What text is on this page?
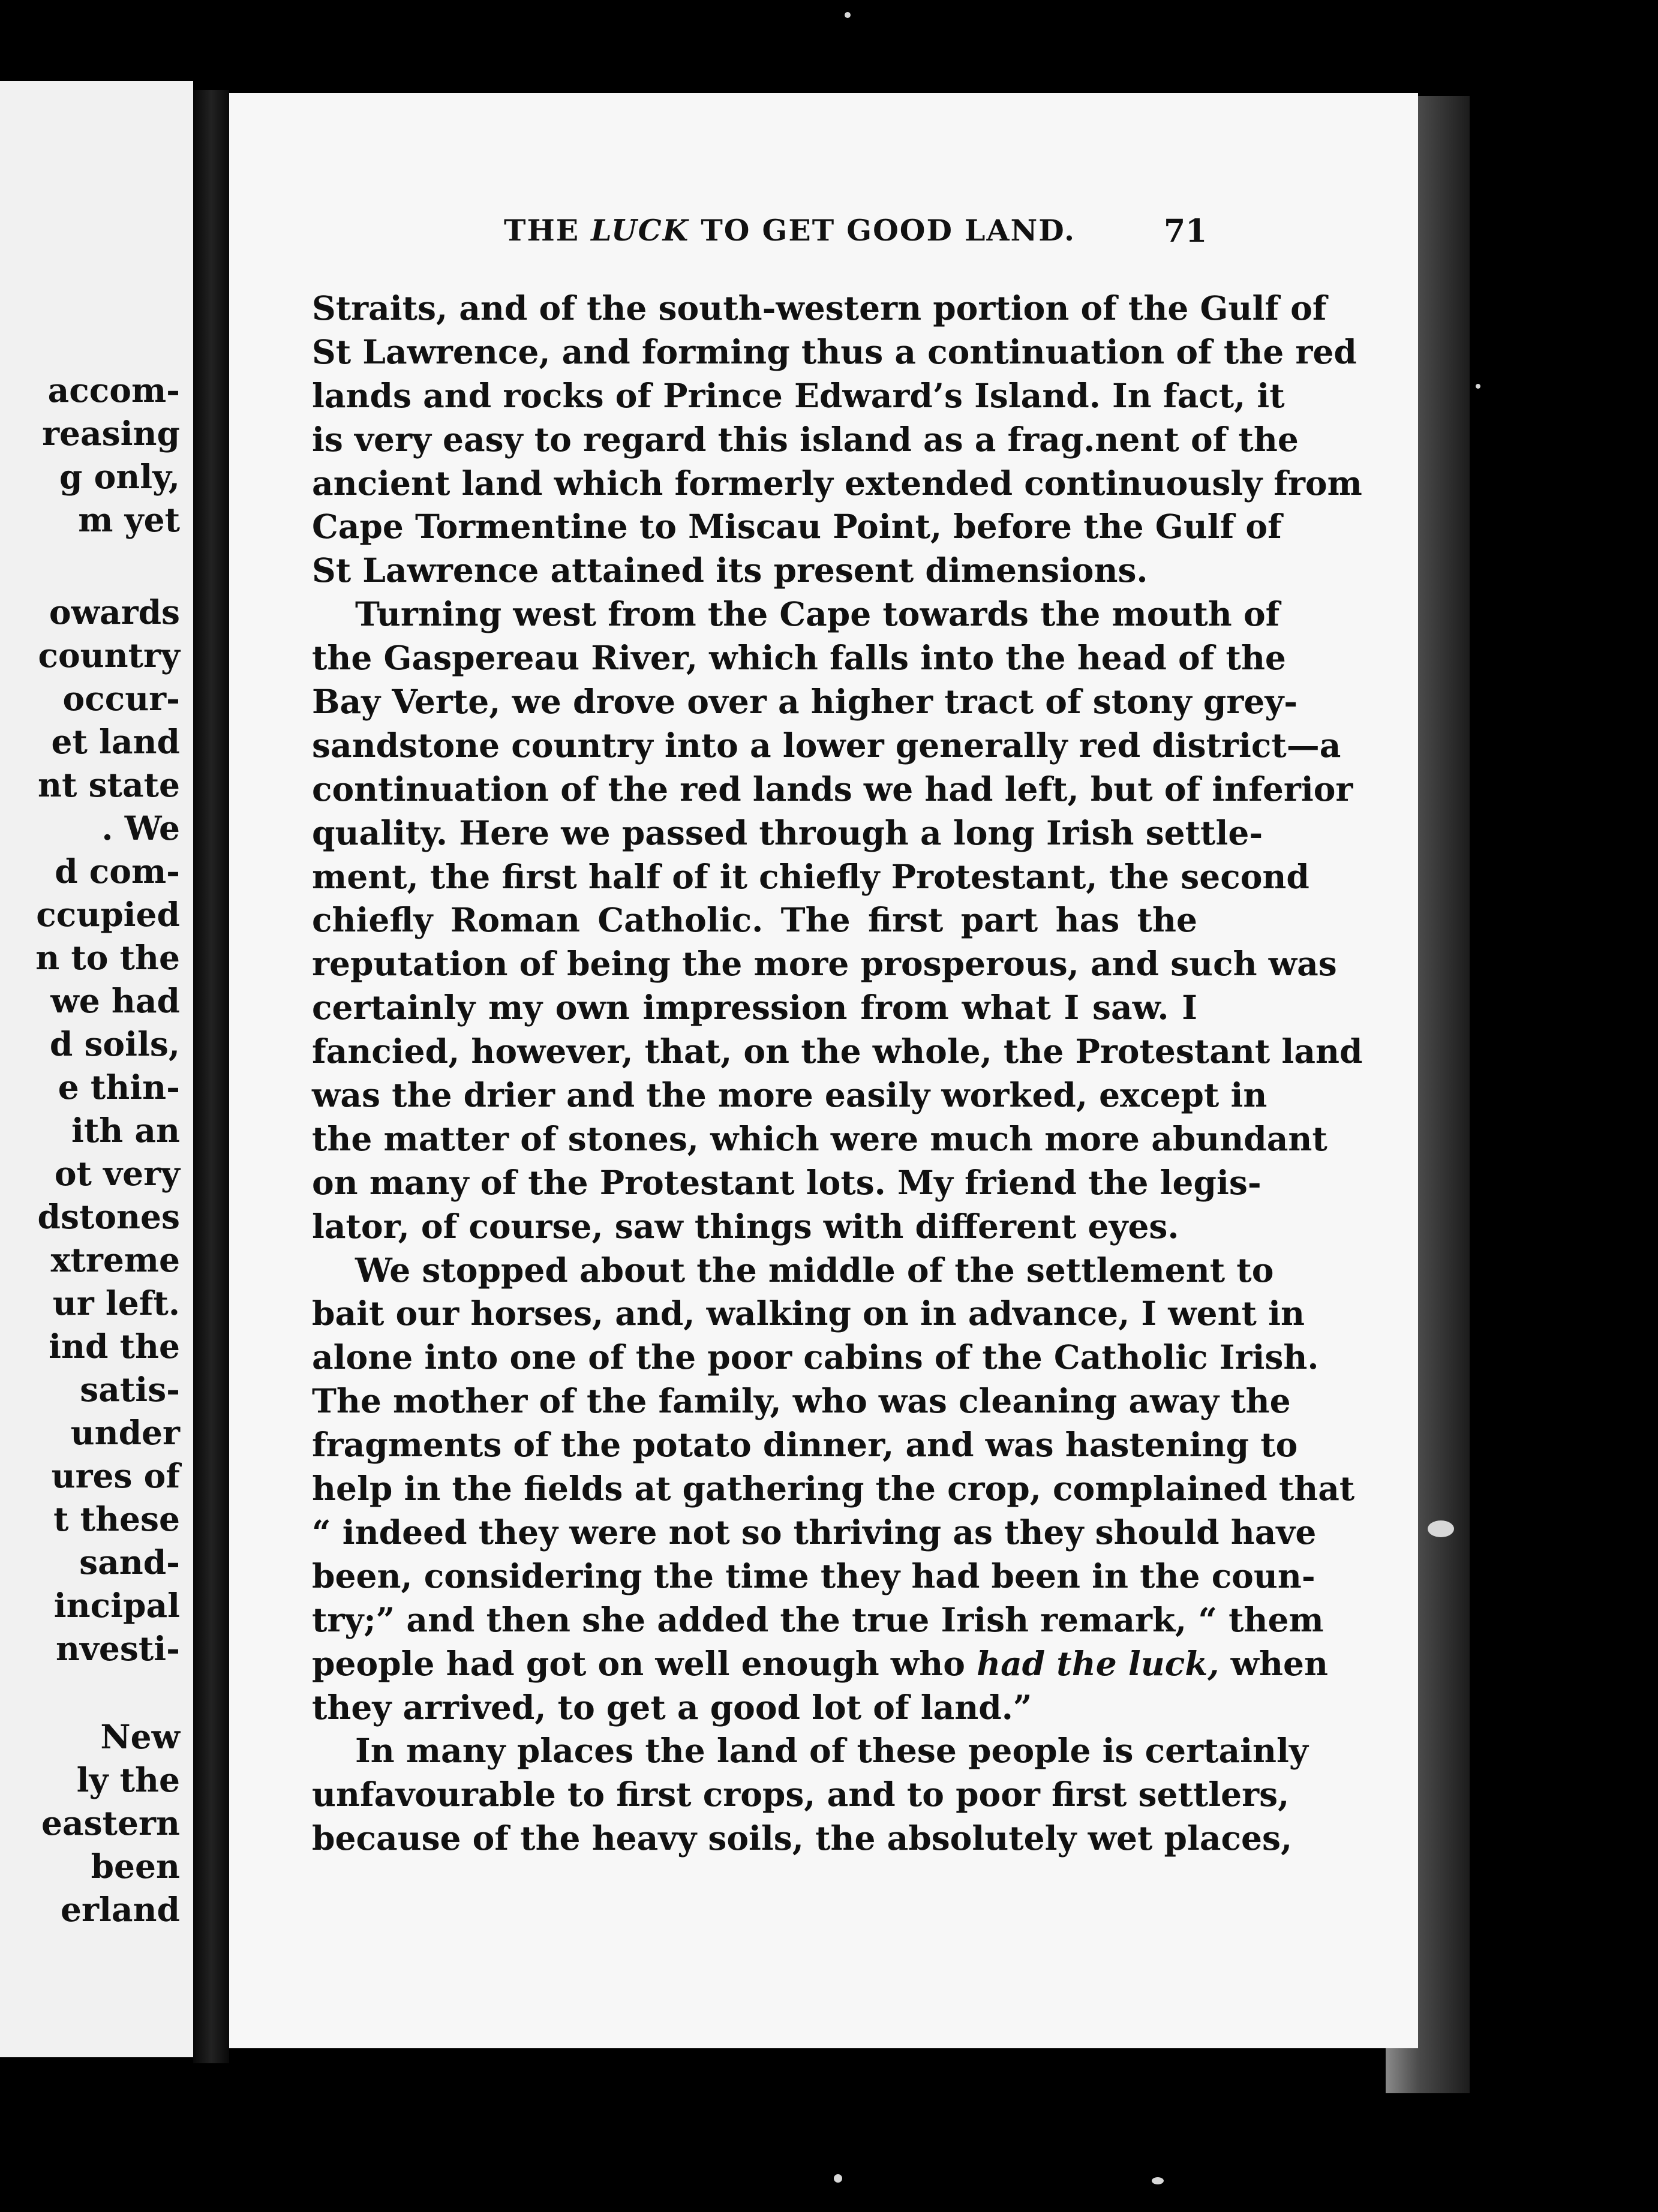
accom-
reasing
g only,
m yet
owards
country
occur-
et land
nt state
. We
d com-
ccupied
n to the
we had
d soils,
e thin-
ith an
ot very
dstones
xtreme
ur left.
ind the
satis-
under
ures of
t these
sand-
incipal
nvesti-
New
ly the
eastern
been
erland
THE LUCK TO GET GOOD LAND.	71
Straits, and of the south-western portion of the Gulf of
St Lawrence, and forming thus a continuation of the red
lands and rocks of Prince Edward’s Island. In fact, it
is very easy to regard this island as a frag.nent of the
ancient land which formerly extended continuously from
Cape Tormentine to Miscau Point, before the Gulf of
St Lawrence attained its present dimensions.
Turning west from the Cape towards the mouth of
the Gaspereau River, which falls into the head of the
Bay Verte, we drove over a higher tract of stony grey-
sandstone country into a lower generally red district—a
continuation of the red lands we had left, but of inferior
quality. Here we passed through a long Irish settle-
ment, the first half of it chiefly Protestant, the second
chiefly Roman Catholic. The first part has the
reputation of being the more prosperous, and such was
certainly my own impression from what I saw. I
fancied, however, that, on the whole, the Protestant land
was the drier and the more easily worked, except in
the matter of stones, which were much more abundant
on many of the Protestant lots. My friend the legis-
lator, of course, saw things with different eyes.
We stopped about the middle of the settlement to
bait our horses, and, walking on in advance, I went in
alone into one of the poor cabins of the Catholic Irish.
The mother of the family, who was cleaning away the
fragments of the potato dinner, and was hastening to
help in the fields at gathering the crop, complained that
“ indeed they were not so thriving as they should have
been, considering the time they had been in the coun-
try;” and then she added the true Irish remark, “ them
people had got on well enough who had the luck, when
they arrived, to get a good lot of land.”
In many places the land of these people is certainly
unfavourable to first crops, and to poor first settlers,
because of the heavy soils, the absolutely wet places,
